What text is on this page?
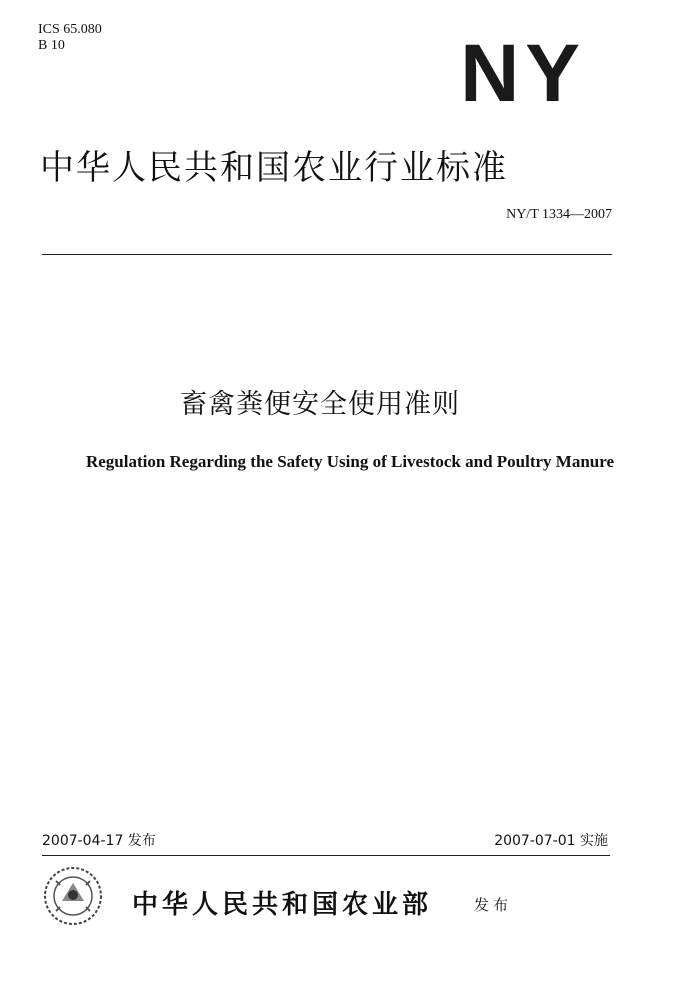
ICS 65.080
B 10	NY
中华人民共和国农业行业标准
NY/T 1334—2007
畜禽粪便安全使用准则
Regulation Regarding the Safety Using of Livestock and Poultry Manure
2007-04-17 发布	2007-07-01 实施
中华人民共和国农业部	发布
